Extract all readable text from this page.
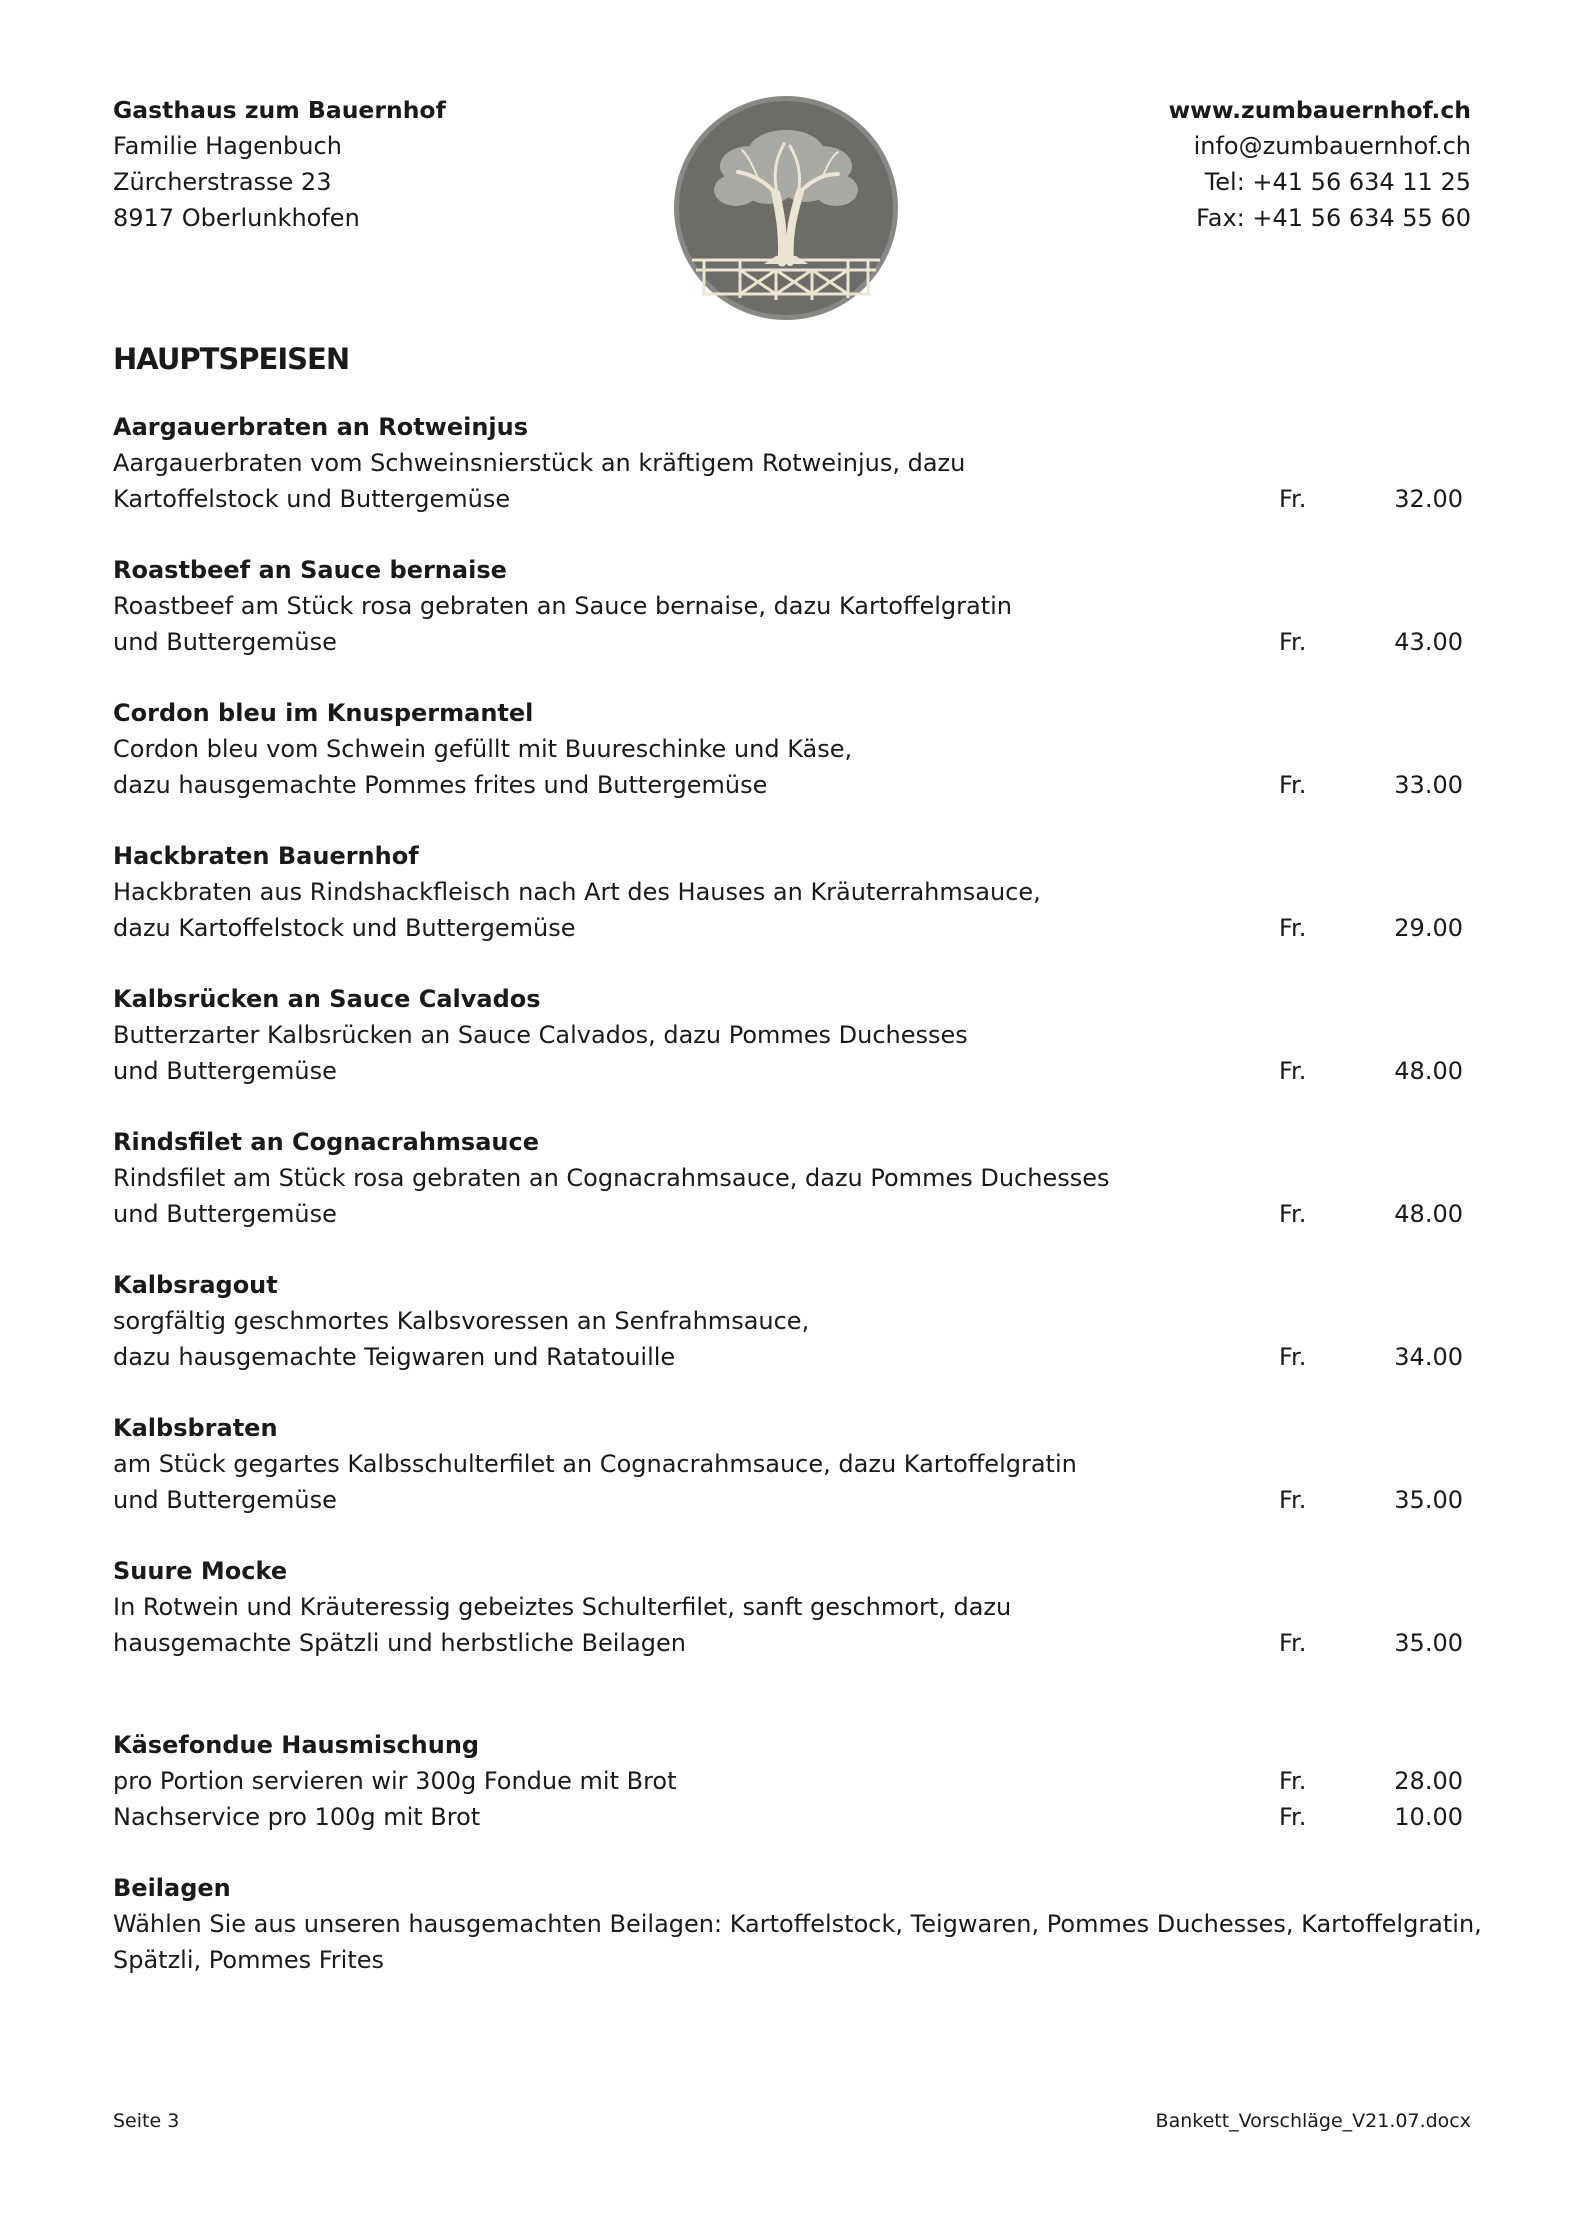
Gasthaus zum Bauernhof
Familie Hagenbuch
Zürcherstrasse 23
8917 Oberlunkhofen
www.zumbauernhof.ch
info@zumbauernhof.ch
Tel: +41 56 634 11 25
Fax: +41 56 634 55 60
HAUPTSPEISEN
Aargauerbraten an Rotweinjus
Aargauerbraten vom Schweinsnierstück an kräftigem Rotweinjus, dazu
Kartoffelstock und Buttergemüse	Fr.	32.00
Roastbeef an Sauce bernaise
Roastbeef am Stück rosa gebraten an Sauce bernaise, dazu Kartoffelgratin
und Buttergemüse	Fr.	43.00
Cordon bleu im Knuspermantel
Cordon bleu vom Schwein gefüllt mit Buureschinke und Käse,
dazu hausgemachte Pommes frites und Buttergemüse	Fr.	33.00
Hackbraten Bauernhof
Hackbraten aus Rindshackfleisch nach Art des Hauses an Kräuterrahmsauce,
dazu Kartoffelstock und Buttergemüse	Fr.	29.00
Kalbsrücken an Sauce Calvados
Butterzarter Kalbsrücken an Sauce Calvados, dazu Pommes Duchesses
und Buttergemüse	Fr.	48.00
Rindsfilet an Cognacrahmsauce
Rindsfilet am Stück rosa gebraten an Cognacrahmsauce, dazu Pommes Duchesses
und Buttergemüse	Fr.	48.00
Kalbsragout
sorgfältig geschmortes Kalbsvoressen an Senfrahmsauce,
dazu hausgemachte Teigwaren und Ratatouille	Fr.	34.00
Kalbsbraten
am Stück gegartes Kalbsschulterfilet an Cognacrahmsauce, dazu Kartoffelgratin
und Buttergemüse	Fr.	35.00
Suure Mocke
In Rotwein und Kräuteressig gebeiztes Schulterfilet, sanft geschmort, dazu
hausgemachte Spätzli und herbstliche Beilagen	Fr.	35.00
Käsefondue Hausmischung
pro Portion servieren wir 300g Fondue mit Brot	Fr.	28.00
Nachservice pro 100g mit Brot	Fr.	10.00
Beilagen
Wählen Sie aus unseren hausgemachten Beilagen: Kartoffelstock, Teigwaren, Pommes Duchesses, Kartoffelgratin,
Spätzli, Pommes Frites
Seite 3	Bankett_Vorschläge_V21.07.docx
